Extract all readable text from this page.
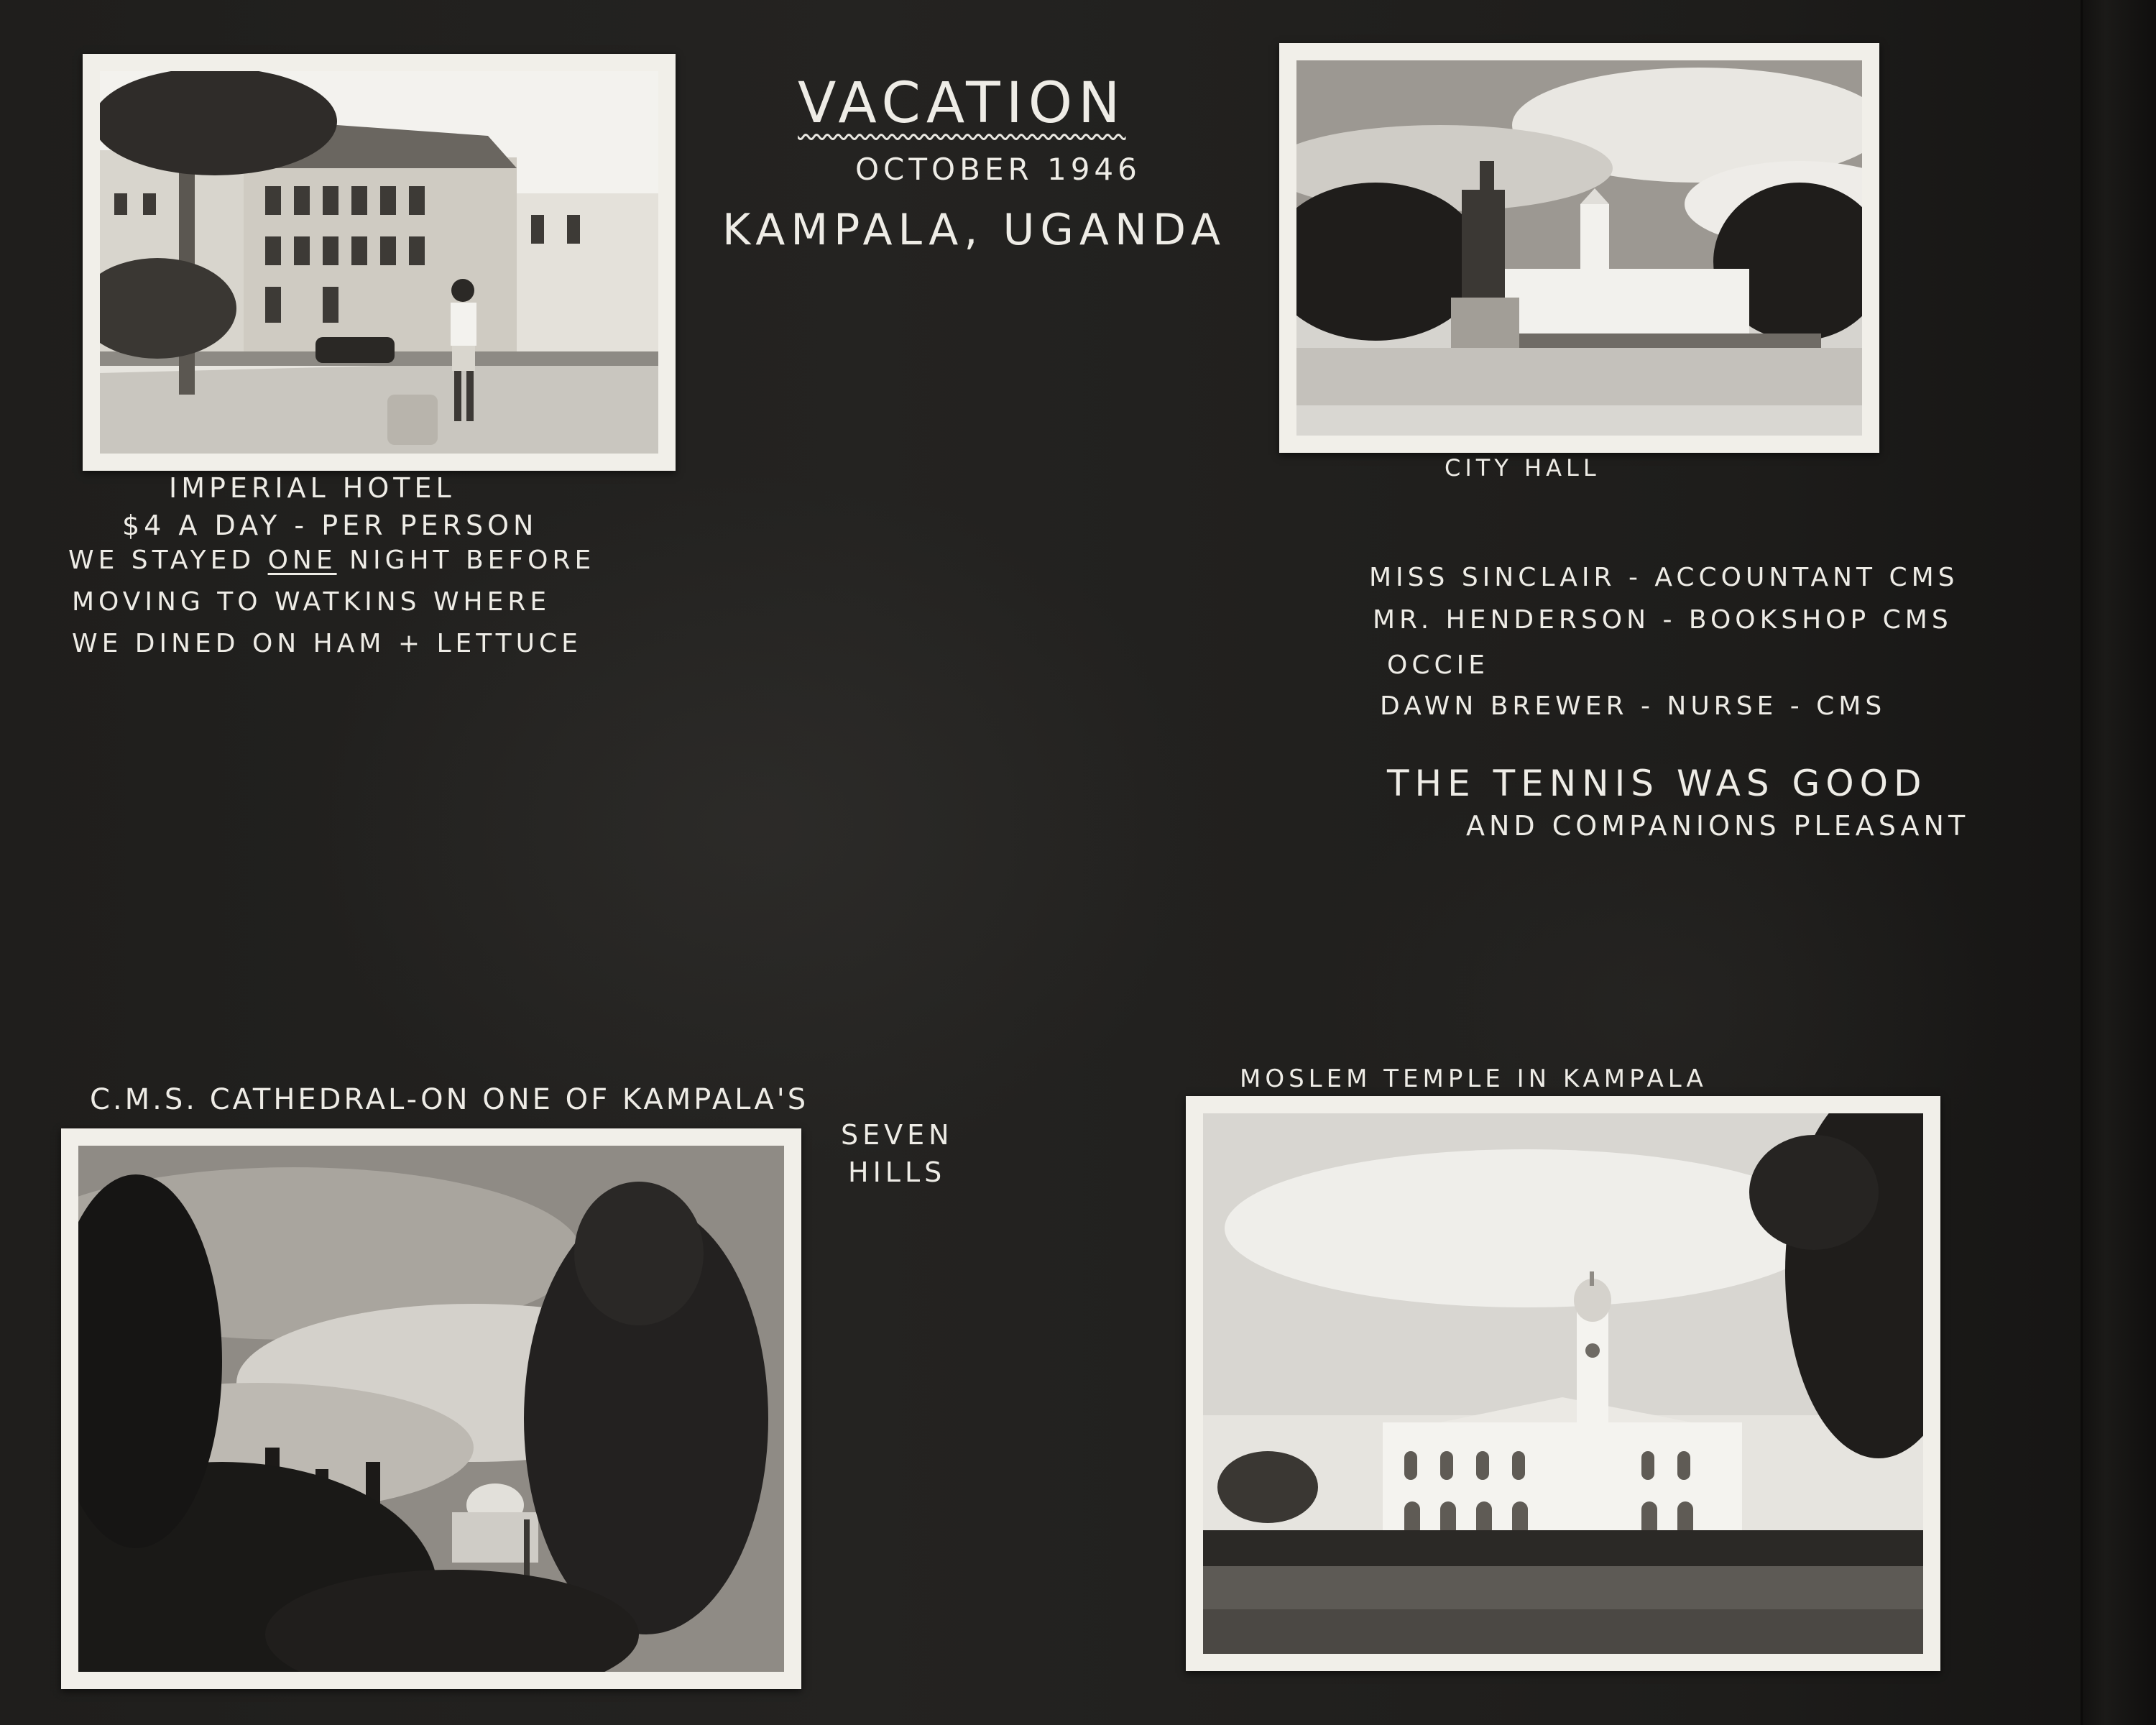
VACATION
OCTOBER 1946
KAMPALA, UGANDA
IMPERIAL HOTEL
$4 A DAY - PER PERSON
WE STAYED ONE NIGHT BEFORE
MOVING TO WATKINS WHERE
WE DINED ON HAM + LETTUCE
CITY HALL
MISS SINCLAIR - ACCOUNTANT CMS
MR. HENDERSON - BOOKSHOP CMS
OCCIE
DAWN BREWER - NURSE - CMS
THE TENNIS WAS GOOD
AND COMPANIONS PLEASANT
C.M.S. CATHEDRAL-ON ONE OF KAMPALA'S
SEVEN
HILLS
MOSLEM TEMPLE IN KAMPALA
